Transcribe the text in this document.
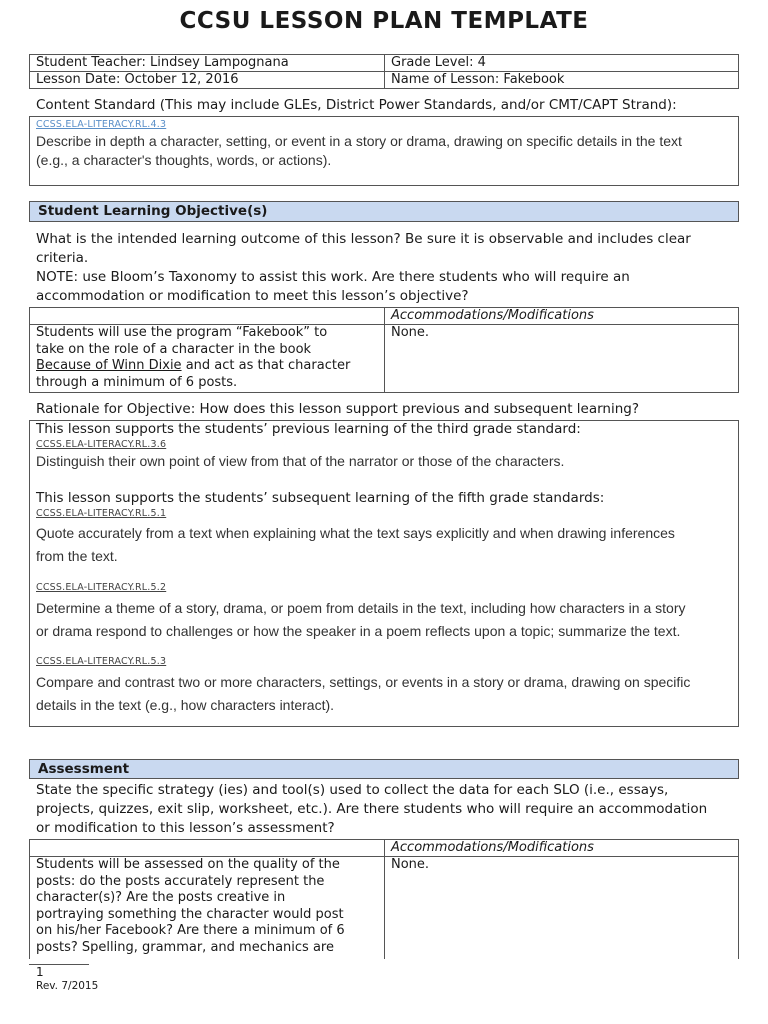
CCSU LESSON PLAN TEMPLATE
Student Teacher: Lindsey Lampognana	Grade Level: 4
Lesson Date: October 12, 2016	Name of Lesson: Fakebook
Content Standard (This may include GLEs, District Power Standards, and/or CMT/CAPT Strand):
CCSS.ELA-LITERACY.RL.4.3
Describe in depth a character, setting, or event in a story or drama, drawing on specific details in the text
(e.g., a character's thoughts, words, or actions).
Student Learning Objective(s)
What is the intended learning outcome of this lesson? Be sure it is observable and includes clear
criteria.
NOTE: use Bloom’s Taxonomy to assist this work. Are there students who will require an
accommodation or modification to meet this lesson’s objective?
Accommodations/Modifications
Students will use the program “Fakebook” to
take on the role of a character in the book
Because of Winn Dixie and act as that character
through a minimum of 6 posts.
None.
Rationale for Objective: How does this lesson support previous and subsequent learning?
This lesson supports the students’ previous learning of the third grade standard:
CCSS.ELA-LITERACY.RL.3.6
Distinguish their own point of view from that of the narrator or those of the characters.
This lesson supports the students’ subsequent learning of the fifth grade standards:
CCSS.ELA-LITERACY.RL.5.1
Quote accurately from a text when explaining what the text says explicitly and when drawing inferences
from the text.
CCSS.ELA-LITERACY.RL.5.2
Determine a theme of a story, drama, or poem from details in the text, including how characters in a story
or drama respond to challenges or how the speaker in a poem reflects upon a topic; summarize the text.
CCSS.ELA-LITERACY.RL.5.3
Compare and contrast two or more characters, settings, or events in a story or drama, drawing on specific
details in the text (e.g., how characters interact).
Assessment
State the specific strategy (ies) and tool(s) used to collect the data for each SLO (i.e., essays,
projects, quizzes, exit slip, worksheet, etc.). Are there students who will require an accommodation
or modification to this lesson’s assessment?
Accommodations/Modifications
Students will be assessed on the quality of the
posts: do the posts accurately represent the
character(s)? Are the posts creative in
portraying something the character would post
on his/her Facebook? Are there a minimum of 6
posts? Spelling, grammar, and mechanics are
None.
1
Rev. 7/2015
